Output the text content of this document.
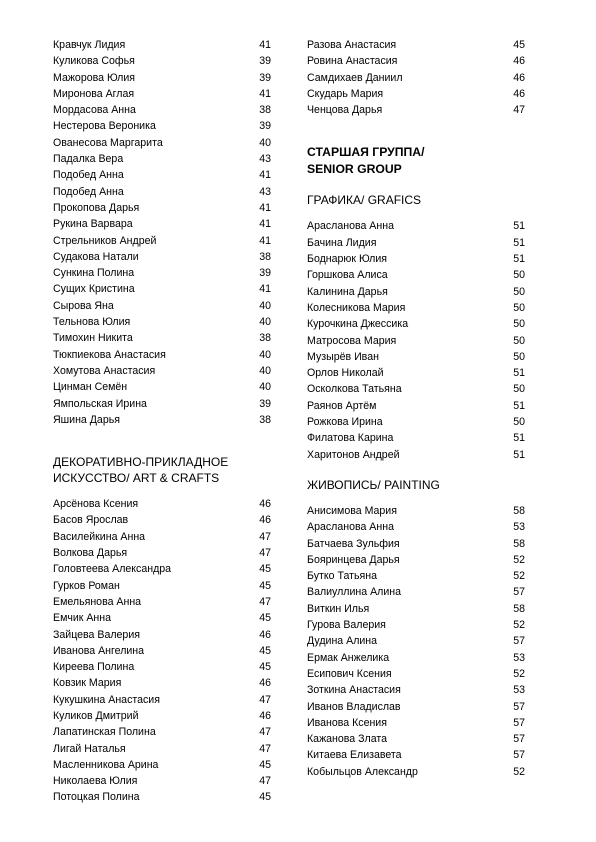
Кравчук Лидия	41
Куликова Софья	39
Мажорова Юлия	39
Миронова Аглая	41
Мордасова Анна	38
Нестерова Вероника	39
Ованесова Маргарита	40
Падалка Вера	43
Подобед Анна	41
Подобед Анна	43
Прокопова Дарья	41
Рукина Варвара	41
Стрельников Андрей	41
Судакова Натали	38
Сункина Полина	39
Сущих Кристина	41
Сырова Яна	40
Тельнова Юлия	40
Тимохин Никита	38
Тюкпиекова Анастасия	40
Хомутова Анастасия	40
Цинман Семён	40
Ямпольская Ирина	39
Яшина Дарья	38
ДЕКОРАТИВНО-ПРИКЛАДНОЕ
ИСКУССТВО/ ART & CRAFTS
Арсёнова Ксения	46
Басов Ярослав	46
Василейкина Анна	47
Волкова Дарья	47
Головтеева Александра	45
Гурков Роман	45
Емельянова Анна	47
Емчик Анна	45
Зайцева Валерия	46
Иванова Ангелина	45
Киреева Полина	45
Ковзик Мария	46
Кукушкина Анастасия	47
Куликов Дмитрий	46
Лапатинская Полина	47
Лигай Наталья	47
Масленникова Арина	45
Николаева Юлия	47
Потоцкая Полина	45
Разова Анастасия	45
Ровина Анастасия	46
Самдихаев Даниил	46
Скударь Мария	46
Ченцова Дарья	47
СТАРШАЯ ГРУППА/
SENIOR GROUP
ГРАФИКА/ GRAFICS
Арасланова Анна	51
Бачина Лидия	51
Боднарюк Юлия	51
Горшкова Алиса	50
Калинина Дарья	50
Колесникова Мария	50
Курочкина Джессика	50
Матросова Мария	50
Музырёв Иван	50
Орлов Николай	51
Осколкова Татьяна	50
Раянов Артём	51
Рожкова Ирина	50
Филатова Карина	51
Харитонов Андрей	51
ЖИВОПИСЬ/ PAINTING
Анисимова Мария	58
Арасланова Анна	53
Батчаева Зульфия	58
Бояринцева Дарья	52
Бутко Татьяна	52
Валиуллина Алина	57
Виткин Илья	58
Гурова Валерия	52
Дудина Алина	57
Ермак Анжелика	53
Есипович Ксения	52
Зоткина Анастасия	53
Иванов Владислав	57
Иванова Ксения	57
Кажанова Злата	57
Китаева Елизавета	57
Кобыльцов Александр	52
